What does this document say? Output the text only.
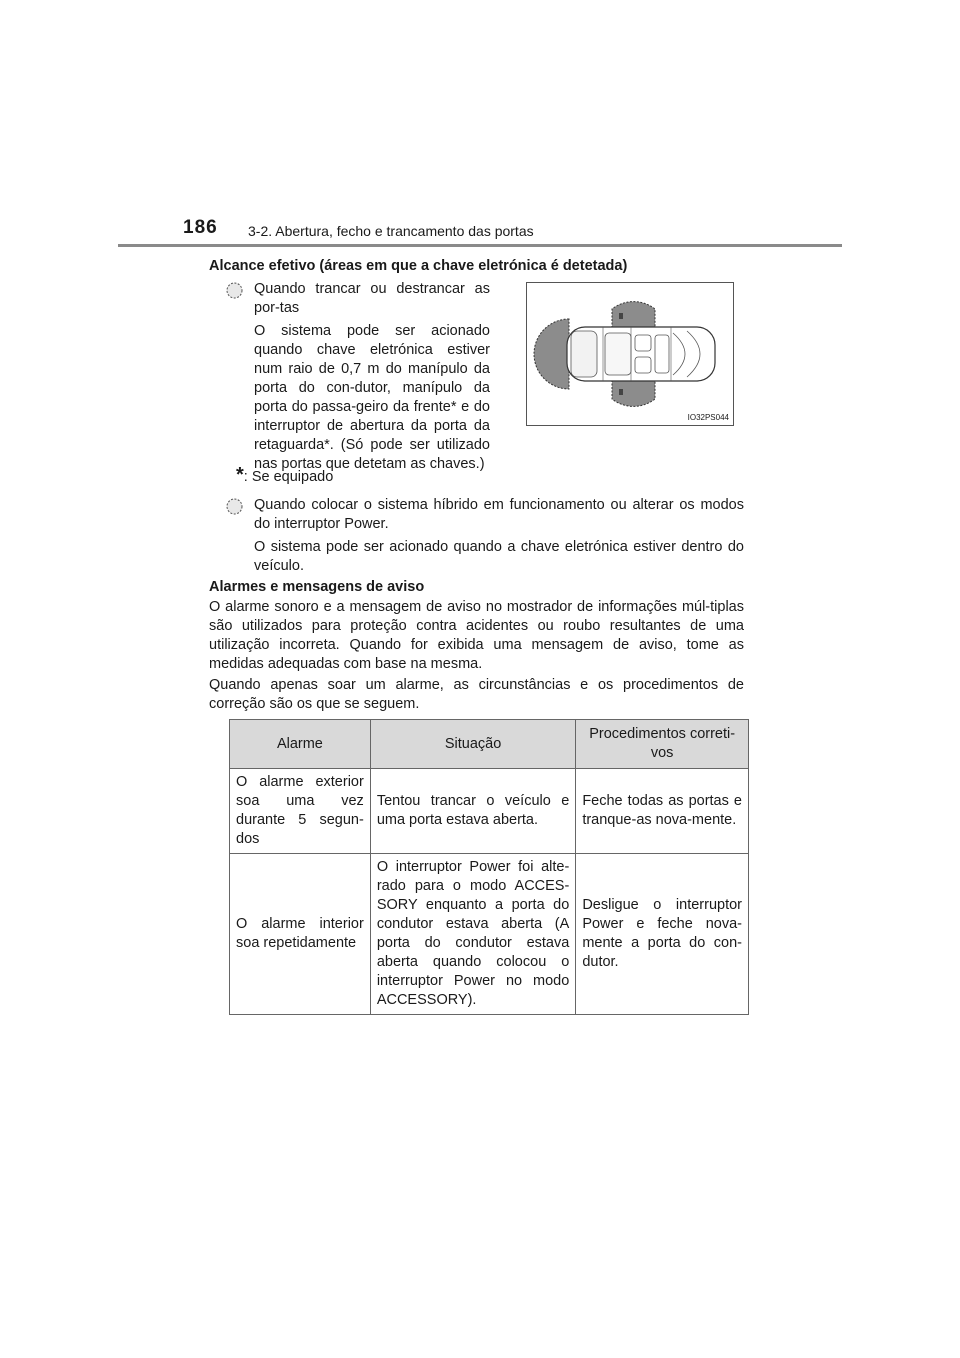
186 3-2. Abertura, fecho e trancamento das portas
Alcance efetivo (áreas em que a chave eletrónica é detetada)
Quando trancar ou destrancar as por-tas
O sistema pode ser acionado quando chave eletrónica estiver num raio de 0,7 m do manípulo da porta do con-dutor, manípulo da porta do passa-geiro da frente* e do interruptor de abertura da porta da retaguarda*. (Só pode ser utilizado nas portas que detetam as chaves.)
IO32PS044
*: Se equipado
Quando colocar o sistema híbrido em funcionamento ou alterar os modos do interruptor Power.
O sistema pode ser acionado quando a chave eletrónica estiver dentro do veículo.
Alarmes e mensagens de aviso
O alarme sonoro e a mensagem de aviso no mostrador de informações múl-tiplas são utilizados para proteção contra acidentes ou roubo resultantes de uma utilização incorreta. Quando for exibida uma mensagem de aviso, tome as medidas adequadas com base na mesma.
Quando apenas soar um alarme, as circunstâncias e os procedimentos de correção são os que se seguem.
Alarme	Situação	Procedimentos correti-vos
O alarme exterior soa uma vez durante 5 segun-dos	Tentou trancar o veículo e uma porta estava aberta.	Feche todas as portas e tranque-as nova-mente.
O alarme interior soa repetidamente	O interruptor Power foi alte-rado para o modo ACCES-SORY enquanto a porta do condutor estava aberta (A porta do condutor estava aberta quando colocou o interruptor Power no modo ACCESSORY).	Desligue o interruptor Power e feche nova-mente a porta do con-dutor.
